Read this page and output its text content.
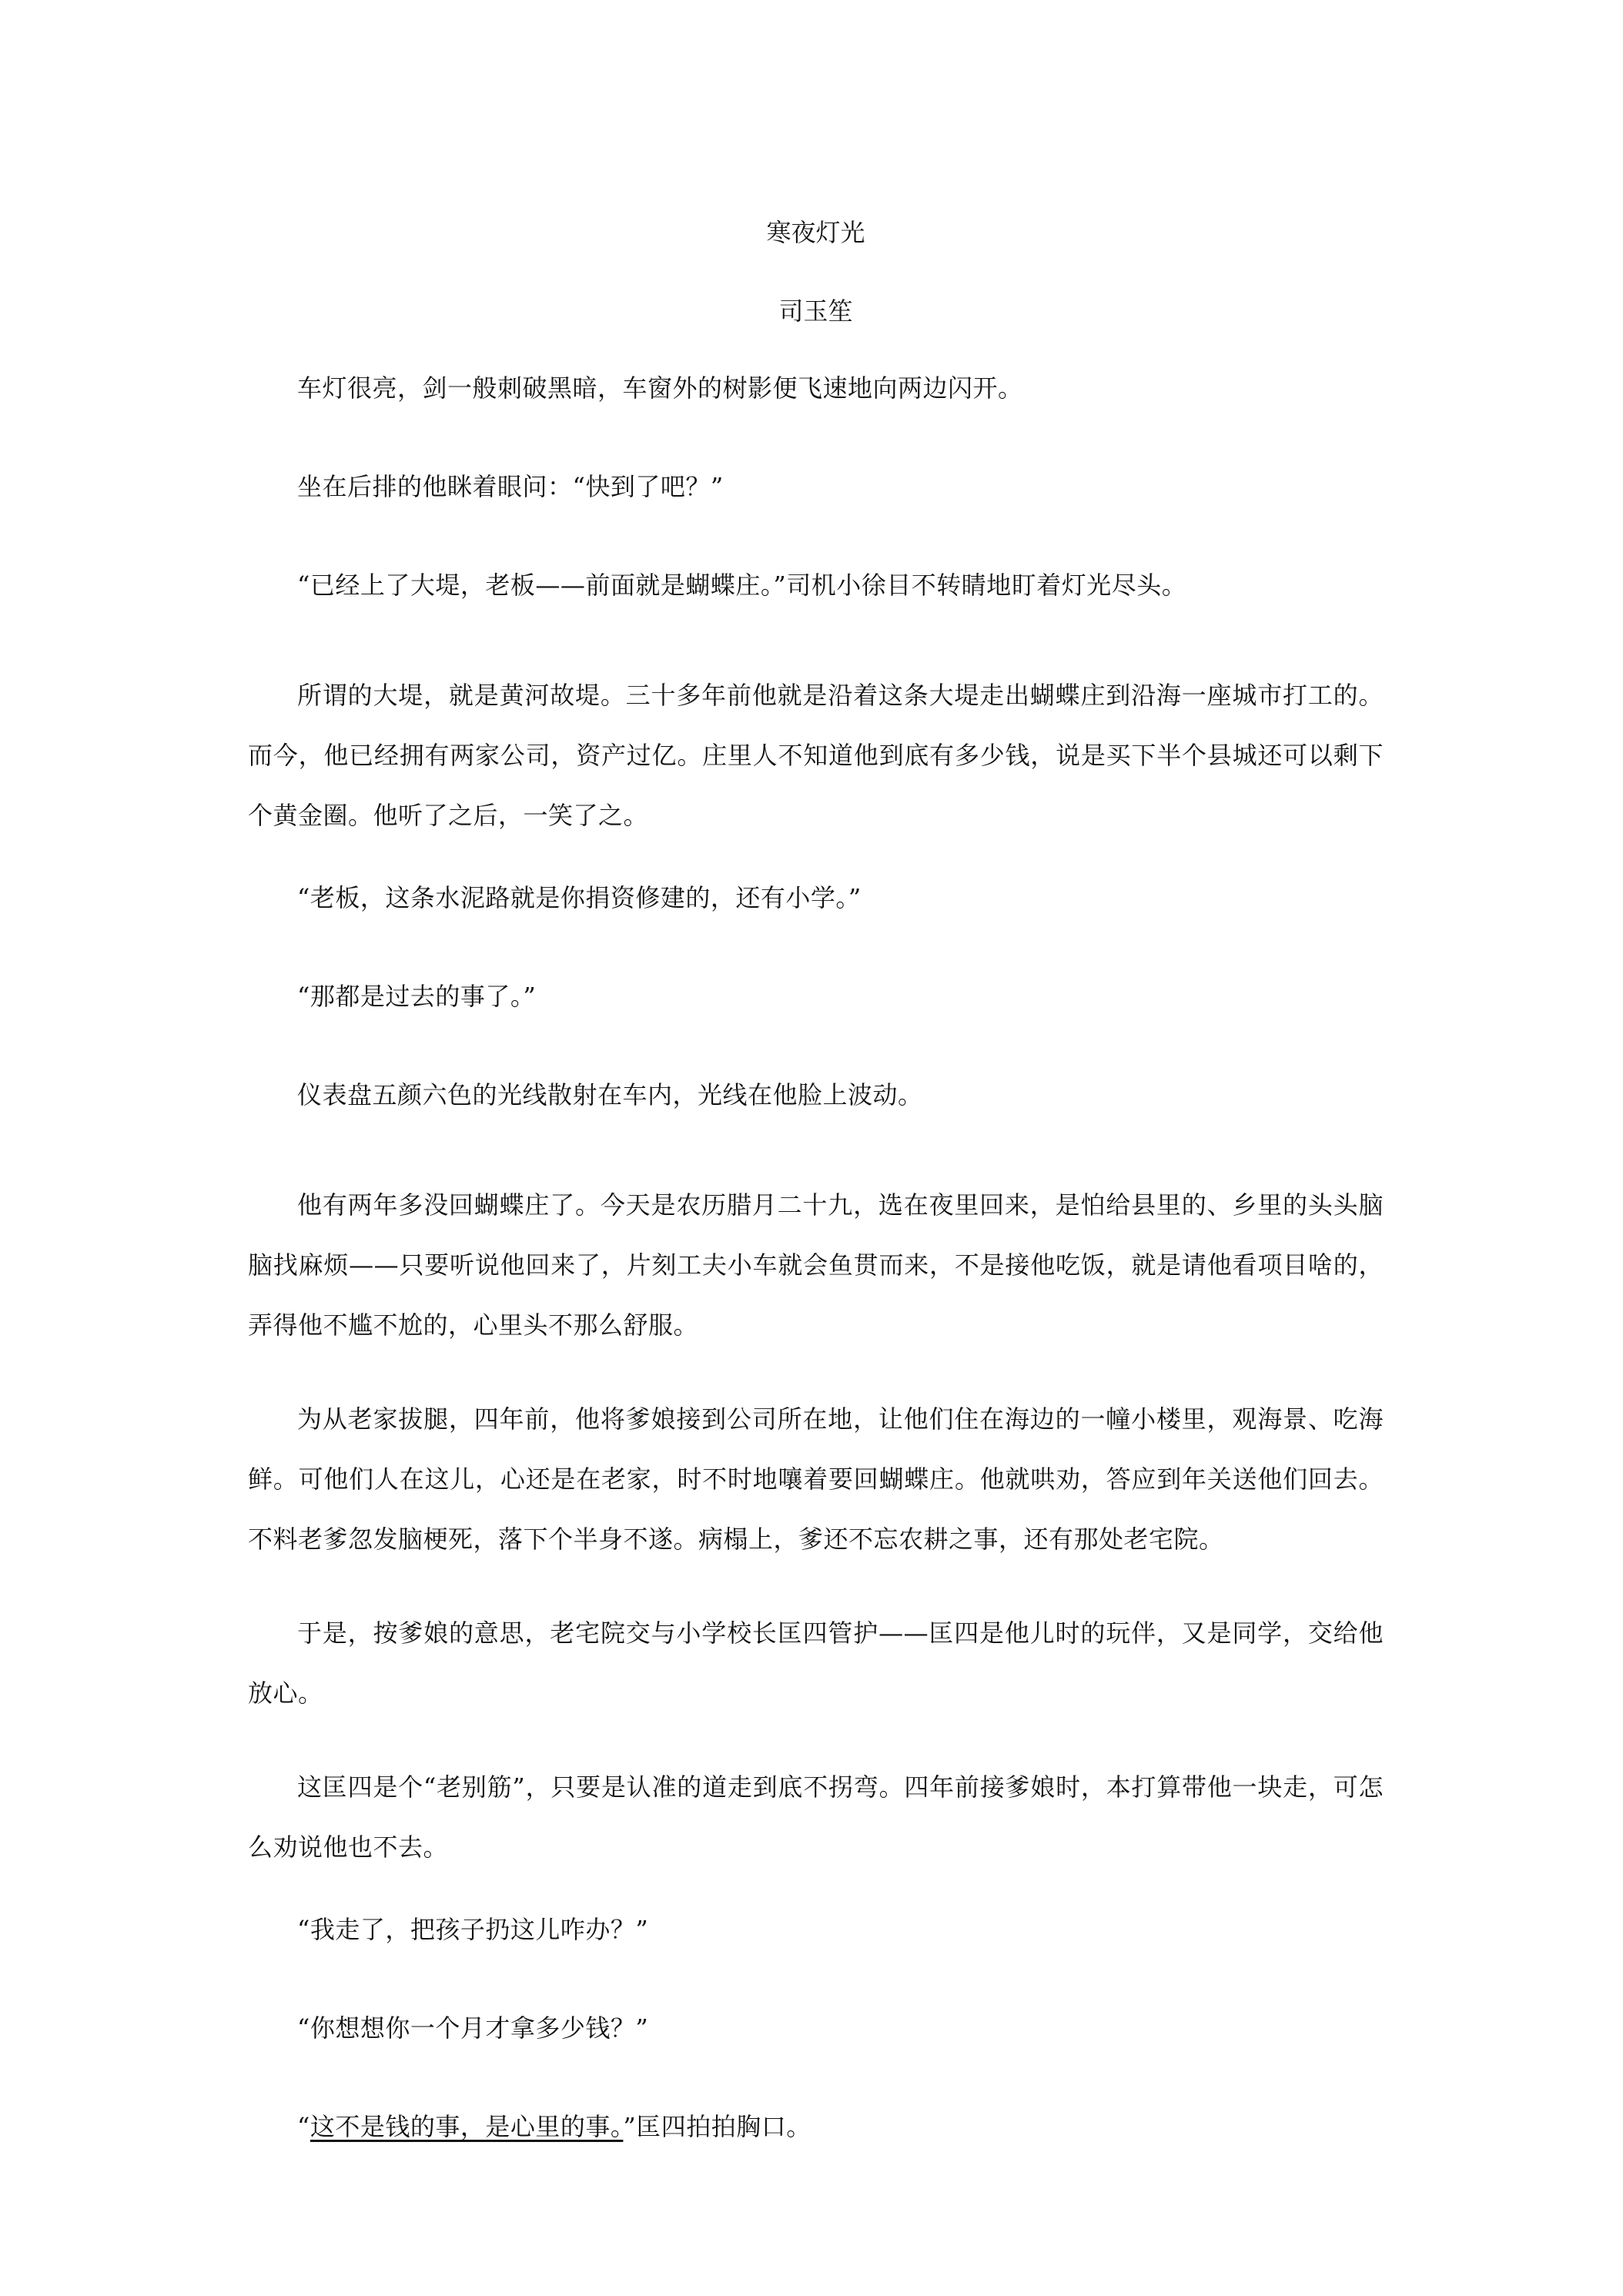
寒夜灯光

司玉笙

车灯很亮，剑一般刺破黑暗，车窗外的树影便飞速地向两边闪开。

坐在后排的他眯着眼问：“快到了吧？”

“已经上了大堤，老板——前面就是蝴蝶庄。”司机小徐目不转睛地盯着灯光尽头。

所谓的大堤，就是黄河故堤。三十多年前他就是沿着这条大堤走出蝴蝶庄到沿海一座城市打工的。而今，他已经拥有两家公司，资产过亿。庄里人不知道他到底有多少钱，说是买下半个县城还可以剩下个黄金圈。他听了之后，一笑了之。

“老板，这条水泥路就是你捐资修建的，还有小学。”

“那都是过去的事了。”

仪表盘五颜六色的光线散射在车内，光线在他脸上波动。

他有两年多没回蝴蝶庄了。今天是农历腊月二十九，选在夜里回来，是怕给县里的、乡里的头头脑脑找麻烦——只要听说他回来了，片刻工夫小车就会鱼贯而来，不是接他吃饭，就是请他看项目啥的，弄得他不尴不尬的，心里头不那么舒服。

为从老家拔腿，四年前，他将爹娘接到公司所在地，让他们住在海边的一幢小楼里，观海景、吃海鲜。可他们人在这儿，心还是在老家，时不时地嚷着要回蝴蝶庄。他就哄劝，答应到年关送他们回去。不料老爹忽发脑梗死，落下个半身不遂。病榻上，爹还不忘农耕之事，还有那处老宅院。

于是，按爹娘的意思，老宅院交与小学校长匡四管护——匡四是他儿时的玩伴，又是同学，交给他放心。

这匡四是个“老别筋”，只要是认准的道走到底不拐弯。四年前接爹娘时，本打算带他一块走，可怎么劝说他也不去。

“我走了，把孩子扔这儿咋办？”

“你想想你一个月才拿多少钱？”

“这不是钱的事，是心里的事。”匡四拍拍胸口。
